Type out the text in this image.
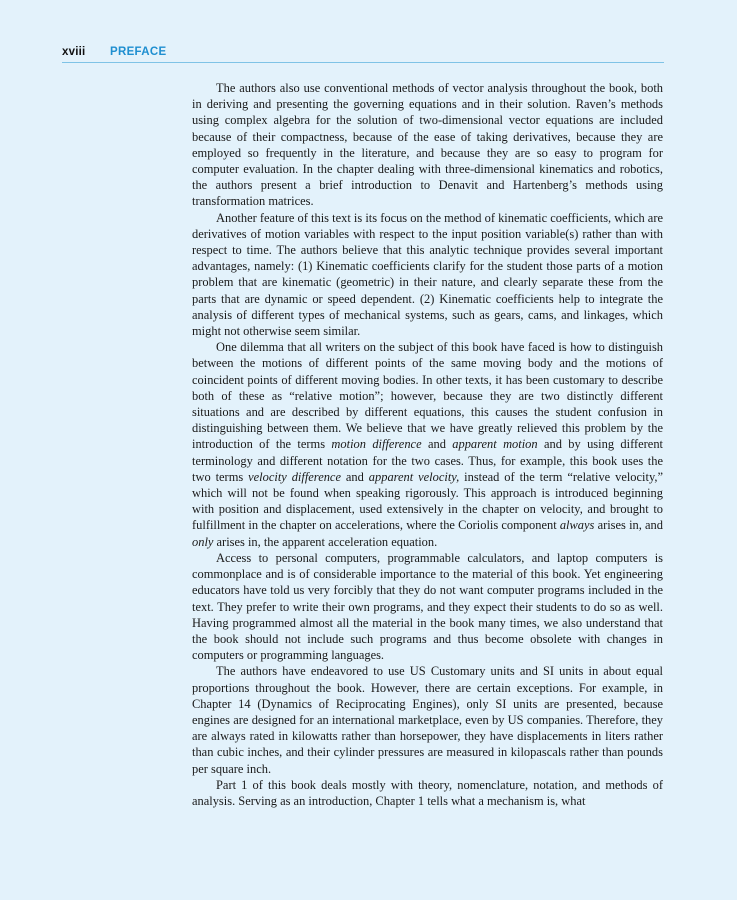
xviii PREFACE

The authors also use conventional methods of vector analysis throughout the book, both in deriving and presenting the governing equations and in their solution. Raven’s methods using complex algebra for the solution of two-dimensional vector equations are included because of their compactness, because of the ease of taking derivatives, because they are employed so frequently in the literature, and because they are so easy to program for computer evaluation. In the chapter dealing with three-dimensional kinematics and robotics, the authors present a brief introduction to Denavit and Hartenberg’s methods using transformation matrices.

Another feature of this text is its focus on the method of kinematic coefficients, which are derivatives of motion variables with respect to the input position variable(s) rather than with respect to time. The authors believe that this analytic technique provides several important advantages, namely: (1) Kinematic coefficients clarify for the student those parts of a motion problem that are kinematic (geometric) in their nature, and clearly separate these from the parts that are dynamic or speed dependent. (2) Kinematic coefficients help to integrate the analysis of different types of mechanical systems, such as gears, cams, and linkages, which might not otherwise seem similar.

One dilemma that all writers on the subject of this book have faced is how to distinguish between the motions of different points of the same moving body and the motions of coincident points of different moving bodies. In other texts, it has been customary to describe both of these as “relative motion”; however, because they are two distinctly different situations and are described by different equations, this causes the student confusion in distinguishing between them. We believe that we have greatly relieved this problem by the introduction of the terms motion difference and apparent motion and by using different terminology and different notation for the two cases. Thus, for example, this book uses the two terms velocity difference and apparent velocity, instead of the term “relative velocity,” which will not be found when speaking rigorously. This approach is introduced beginning with position and displacement, used extensively in the chapter on velocity, and brought to fulfillment in the chapter on accelerations, where the Coriolis component always arises in, and only arises in, the apparent acceleration equation.

Access to personal computers, programmable calculators, and laptop computers is commonplace and is of considerable importance to the material of this book. Yet engineering educators have told us very forcibly that they do not want computer programs included in the text. They prefer to write their own programs, and they expect their students to do so as well. Having programmed almost all the material in the book many times, we also understand that the book should not include such programs and thus become obsolete with changes in computers or programming languages.

The authors have endeavored to use US Customary units and SI units in about equal proportions throughout the book. However, there are certain exceptions. For example, in Chapter 14 (Dynamics of Reciprocating Engines), only SI units are presented, because engines are designed for an international marketplace, even by US companies. Therefore, they are always rated in kilowatts rather than horsepower, they have displacements in liters rather than cubic inches, and their cylinder pressures are measured in kilopascals rather than pounds per square inch.

Part 1 of this book deals mostly with theory, nomenclature, notation, and methods of analysis. Serving as an introduction, Chapter 1 tells what a mechanism is, what
